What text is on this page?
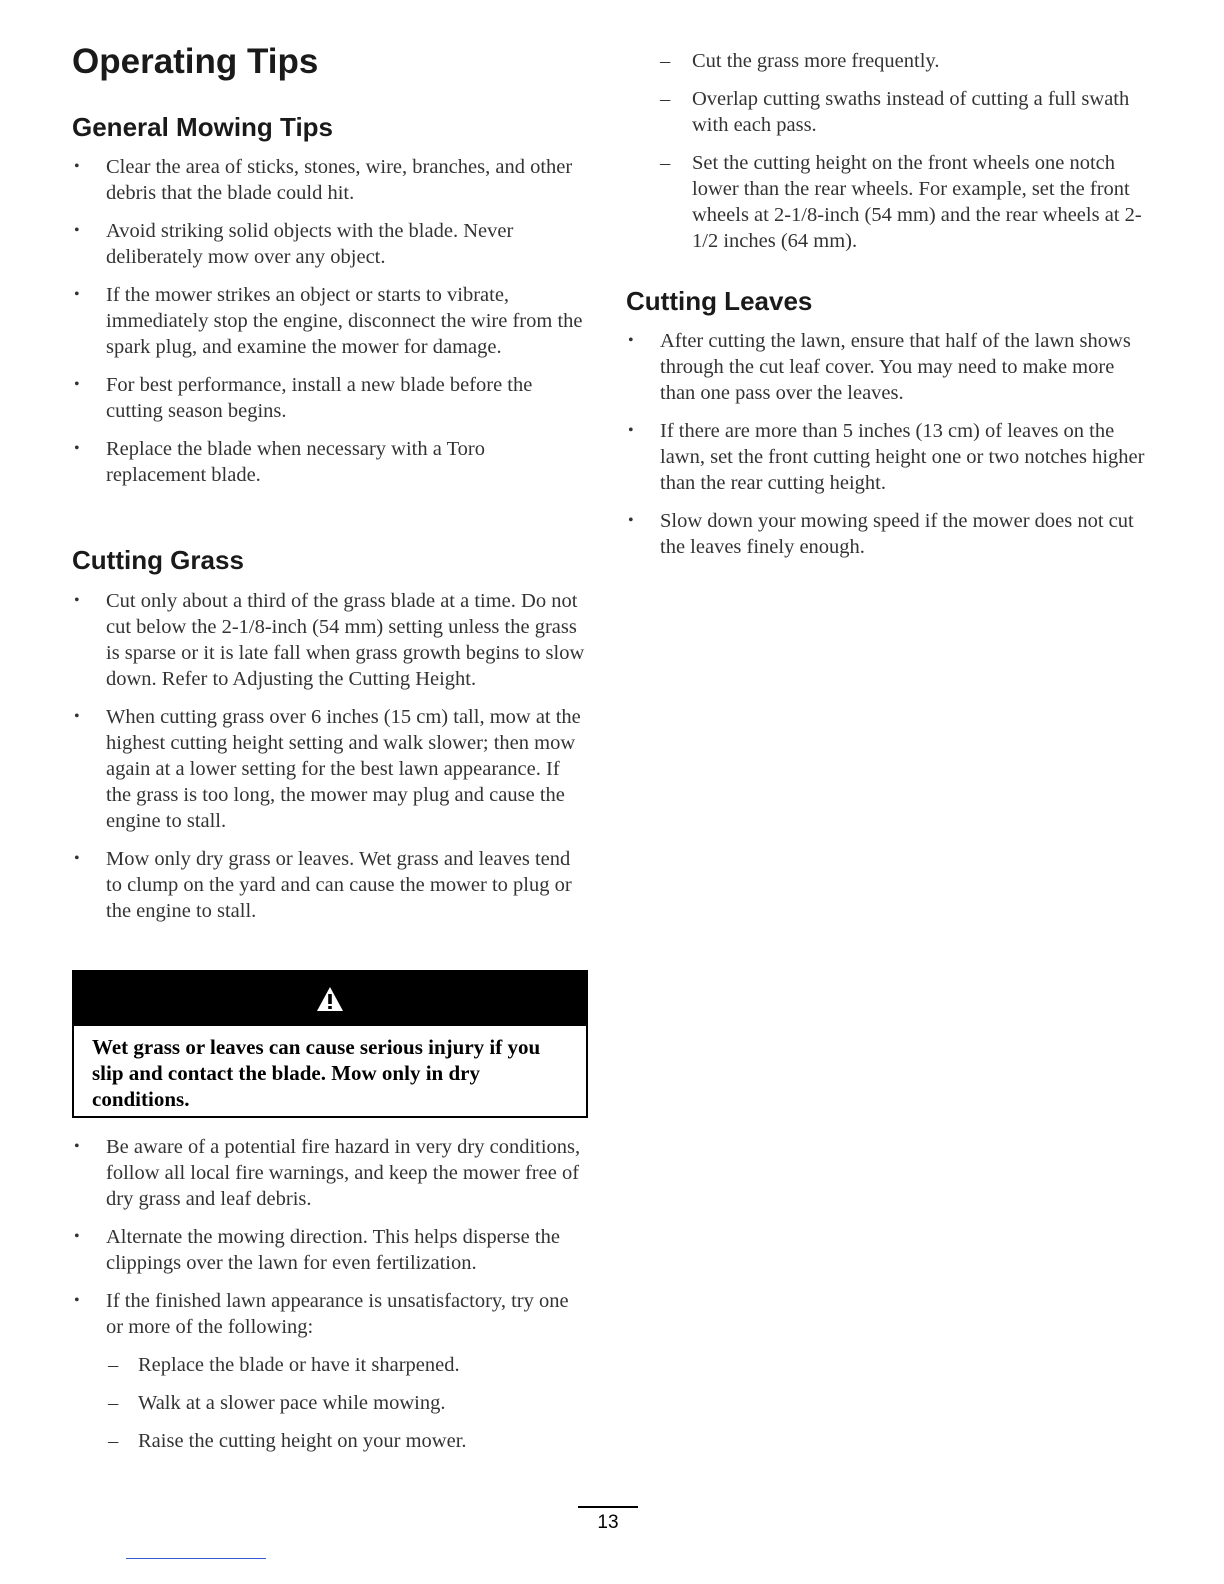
Operating Tips
General Mowing Tips
• Clear the area of sticks, stones, wire, branches, and other debris that the blade could hit.
• Avoid striking solid objects with the blade. Never deliberately mow over any object.
• If the mower strikes an object or starts to vibrate, immediately stop the engine, disconnect the wire from the spark plug, and examine the mower for damage.
• For best performance, install a new blade before the cutting season begins.
• Replace the blade when necessary with a Toro replacement blade.
Cutting Grass
• Cut only about a third of the grass blade at a time. Do not cut below the 2-1/8-inch (54 mm) setting unless the grass is sparse or it is late fall when grass growth begins to slow down. Refer to Adjusting the Cutting Height.
• When cutting grass over 6 inches (15 cm) tall, mow at the highest cutting height setting and walk slower; then mow again at a lower setting for the best lawn appearance. If the grass is too long, the mower may plug and cause the engine to stall.
• Mow only dry grass or leaves. Wet grass and leaves tend to clump on the yard and can cause the mower to plug or the engine to stall.
Wet grass or leaves can cause serious injury if you slip and contact the blade. Mow only in dry conditions.
• Be aware of a potential fire hazard in very dry conditions, follow all local fire warnings, and keep the mower free of dry grass and leaf debris.
• Alternate the mowing direction. This helps disperse the clippings over the lawn for even fertilization.
• If the finished lawn appearance is unsatisfactory, try one or more of the following:
– Replace the blade or have it sharpened.
– Walk at a slower pace while mowing.
– Raise the cutting height on your mower.
– Cut the grass more frequently.
– Overlap cutting swaths instead of cutting a full swath with each pass.
– Set the cutting height on the front wheels one notch lower than the rear wheels. For example, set the front wheels at 2-1/8-inch (54 mm) and the rear wheels at 2-1/2 inches (64 mm).
Cutting Leaves
• After cutting the lawn, ensure that half of the lawn shows through the cut leaf cover. You may need to make more than one pass over the leaves.
• If there are more than 5 inches (13 cm) of leaves on the lawn, set the front cutting height one or two notches higher than the rear cutting height.
• Slow down your mowing speed if the mower does not cut the leaves finely enough.
13
